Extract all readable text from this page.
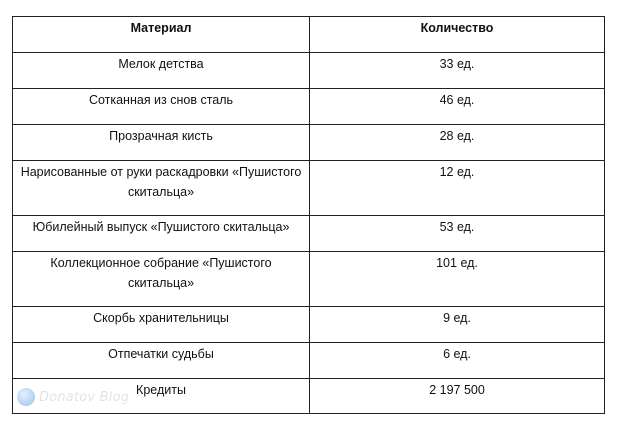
Материал	Количество
Мелок детства	33 ед.
Сотканная из снов сталь	46 ед.
Прозрачная кисть	28 ед.
Нарисованные от руки раскадровки «Пушистого скитальца»	12 ед.
Юбилейный выпуск «Пушистого скитальца»	53 ед.
Коллекционное собрание «Пушистого скитальца»	101 ед.
Скорбь хранительницы	9 ед.
Отпечатки судьбы	6 ед.
Кредиты	2 197 500
Donatov Blog
